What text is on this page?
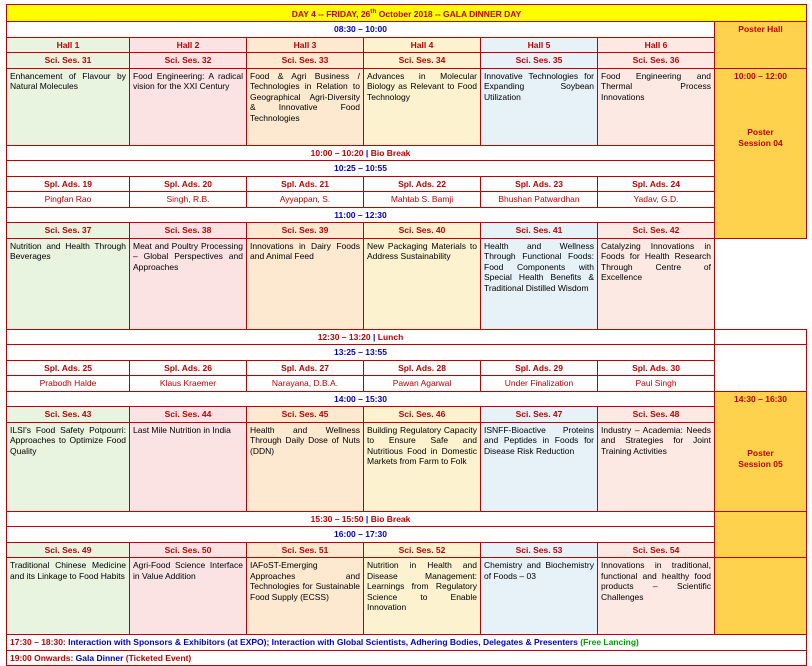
DAY 4 -- FRIDAY, 26th October 2018 -- GALA DINNER DAY						
08:30 – 10:00						Poster Hall
Hall 1	Hall 2	Hall 3	Hall 4	Hall 5	Hall 6	
Sci. Ses. 31	Sci. Ses. 32	Sci. Ses. 33	Sci. Ses. 34	Sci. Ses. 35	Sci. Ses. 36	
Enhancement of Flavour by Natural Molecules	Food Engineering: A radical vision for the XXI Century	Food & Agri Business / Technologies in Relation to Geographical Agri-Diversity & Innovative Food Technologies	Advances in Molecular Biology as Relevant to Food Technology	Innovative Technologies for Expanding Soybean Utilization	Food Engineering and Thermal Process Innovations	10:00 – 12:00
Poster
Session 04

10:00 – 10:20 | Bio Break						
10:25 – 10:55						
Spl. Ads. 19	Spl. Ads. 20	Spl. Ads. 21	Spl. Ads. 22	Spl. Ads. 23	Spl. Ads. 24	
Pingfan Rao	Singh, R.B.	Ayyappan, S.	Mahtab S. Bamji	Bhushan Patwardhan	Yadav, G.D.	
11:00 – 12:30						
Sci. Ses. 37	Sci. Ses. 38	Sci. Ses. 39	Sci. Ses. 40	Sci. Ses. 41	Sci. Ses. 42	
Nutrition and Health Through Beverages	Meat and Poultry Processing – Global Perspectives and Approaches	Innovations in Dairy Foods and Animal Feed	New Packaging Materials to Address Sustainability	Health and Wellness Through Functional Foods: Food Components with Special Health Benefits & Traditional Distilled Wisdom	Catalyzing Innovations in Foods for Health Research Through Centre of Excellence	
12:30 – 13:20 | Lunch						
13:25 – 13:55						
Spl. Ads. 25	Spl. Ads. 26	Spl. Ads. 27	Spl. Ads. 28	Spl. Ads. 29	Spl. Ads. 30	
Prabodh Halde	Klaus Kraemer	Narayana, D.B.A.	Pawan Agarwal	Under Finalization	Paul Singh	
14:00 – 15:30						14:30 – 16:30
Poster
Session 05

Sci. Ses. 43	Sci. Ses. 44	Sci. Ses. 45	Sci. Ses. 46	Sci. Ses. 47	Sci. Ses. 48	
ILSI's Food Safety Potpourri: Approaches to Optimize Food Quality	Last Mile Nutrition in India	Health and Wellness Through Daily Dose of Nuts (DDN)	Building Regulatory Capacity to Ensure Safe and Nutritious Food in Domestic Markets from Farm to Folk	ISNFF-Bioactive Proteins and Peptides in Foods for Disease Risk Reduction	Industry – Academia: Needs and Strategies for Joint Training Activities	
15:30 – 15:50 | Bio Break						
16:00 – 17:30						
Sci. Ses. 49	Sci. Ses. 50	Sci. Ses. 51	Sci. Ses. 52	Sci. Ses. 53	Sci. Ses. 54	
Traditional Chinese Medicine and its Linkage to Food Habits	Agri-Food Science Interface in Value Addition	IAFoST-Emerging Approaches and Technologies for Sustainable Food Supply (ECSS)	Nutrition in Health and Disease Management: Learnings from Regulatory Science to Enable Innovation	Chemistry and Biochemistry of Foods – 03	Innovations in traditional, functional and healthy food products – Scientific Challenges	
17:30 – 18:30: Interaction with Sponsors & Exhibitors (at EXPO); Interaction with Global Scientists, Adhering Bodies, Delegates & Presenters (Free Lancing)						
19:00 Onwards: Gala Dinner (Ticketed Event)						
